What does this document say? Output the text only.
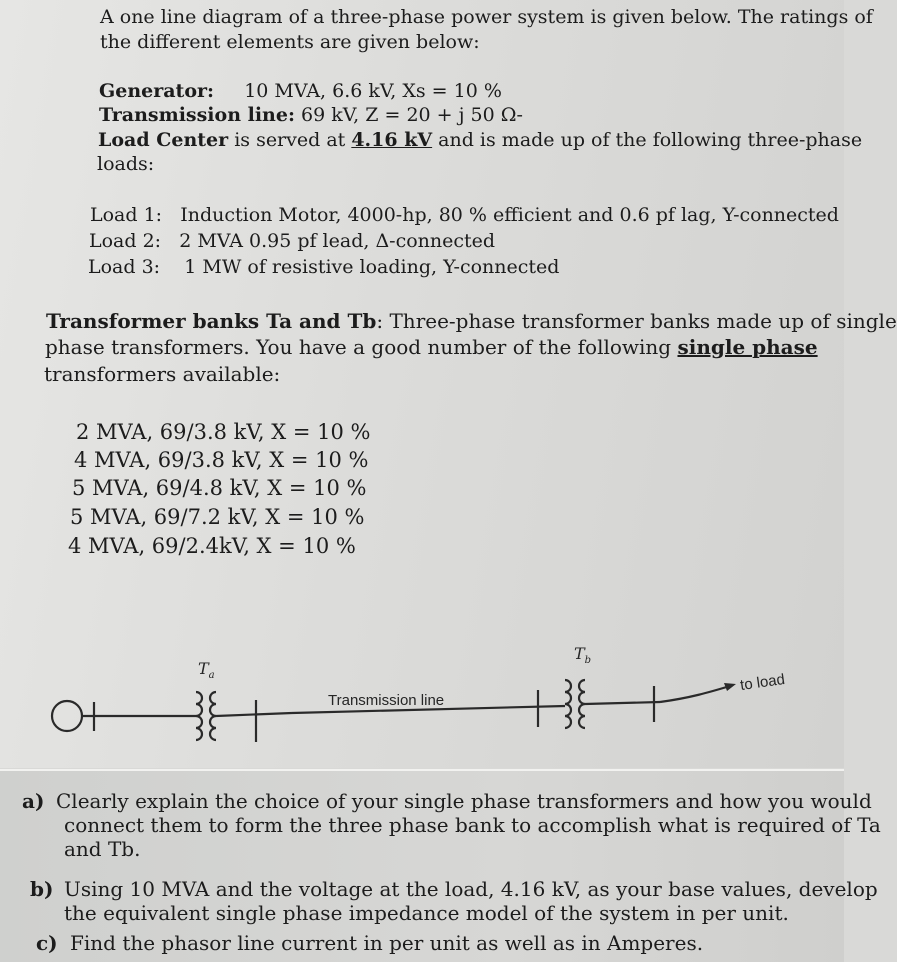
A one line diagram of a three-phase power system is given below. The ratings of
the different elements are given below:
Generator: 10 MVA, 6.6 kV, Xs = 10 %
Transmission line: 69 kV, Z = 20 + j 50 Ω-
Load Center is served at 4.16 kV and is made up of the following three-phase
loads:
Load 1: Induction Motor, 4000-hp, 80 % efficient and 0.6 pf lag, Y-connected
Load 2: 2 MVA 0.95 pf lead, Δ-connected
Load 3: 1 MW of resistive loading, Y-connected
Transformer banks Ta and Tb: Three-phase transformer banks made up of single
phase transformers. You have a good number of the following single phase
transformers available:
2 MVA, 69/3.8 kV, X = 10 %
4 MVA, 69/3.8 kV, X = 10 %
5 MVA, 69/4.8 kV, X = 10 %
5 MVA, 69/7.2 kV, X = 10 %
4 MVA, 69/2.4kV, X = 10 %
$T_a$
$T_b$
Transmission line
to load
a) Clearly explain the choice of your single phase transformers and how you would
connect them to form the three phase bank to accomplish what is required of Ta
and Tb.
b) Using 10 MVA and the voltage at the load, 4.16 kV, as your base values, develop
the equivalent single phase impedance model of the system in per unit.
c) Find the phasor line current in per unit as well as in Amperes.
